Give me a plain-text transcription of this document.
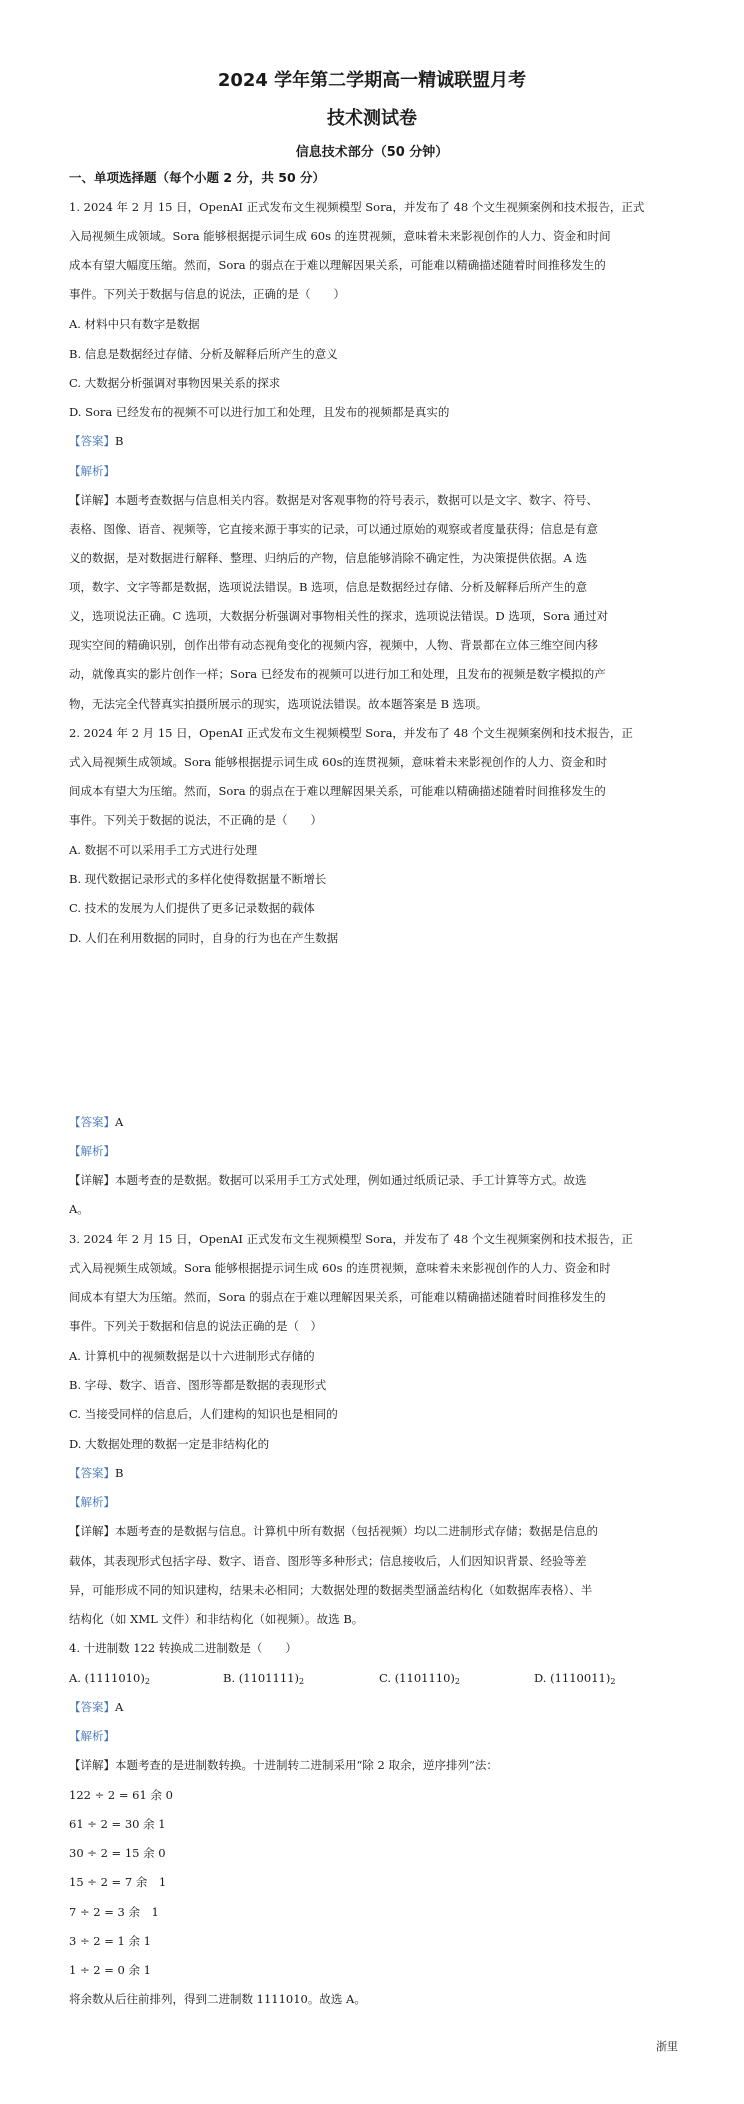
2024 学年第二学期高一精诚联盟月考
技术测试卷
信息技术部分（50 分钟）
一、单项选择题（每个小题 2 分，共 50 分）
1. 2024 年 2 月 15 日，OpenAI 正式发布文生视频模型 Sora，并发布了 48 个文生视频案例和技术报告，正式
入局视频生成领域。Sora 能够根据提示词生成 60s 的连贯视频，意味着未来影视创作的人力、资金和时间
成本有望大幅度压缩。然而，Sora 的弱点在于难以理解因果关系，可能难以精确描述随着时间推移发生的
事件。下列关于数据与信息的说法，正确的是（　　）
A. 材料中只有数字是数据
B. 信息是数据经过存储、分析及解释后所产生的意义
C. 大数据分析强调对事物因果关系的探求
D. Sora 已经发布的视频不可以进行加工和处理，且发布的视频都是真实的
【答案】B
【解析】
【详解】本题考查数据与信息相关内容。数据是对客观事物的符号表示，数据可以是文字、数字、符号、
表格、图像、语音、视频等，它直接来源于事实的记录，可以通过原始的观察或者度量获得；信息是有意
义的数据，是对数据进行解释、整理、归纳后的产物，信息能够消除不确定性，为决策提供依据。A 选
项，数字、文字等都是数据，选项说法错误。B 选项，信息是数据经过存储、分析及解释后所产生的意
义，选项说法正确。C 选项，大数据分析强调对事物相关性的探求，选项说法错误。D 选项，Sora 通过对
现实空间的精确识别，创作出带有动态视角变化的视频内容，视频中，人物、背景都在立体三维空间内移
动，就像真实的影片创作一样；Sora 已经发布的视频可以进行加工和处理，且发布的视频是数字模拟的产
物，无法完全代替真实拍摄所展示的现实，选项说法错误。故本题答案是 B 选项。
2. 2024 年 2 月 15 日，OpenAI 正式发布文生视频模型 Sora，并发布了 48 个文生视频案例和技术报告，正
式入局视频生成领域。Sora 能够根据提示词生成 60s的连贯视频，意味着未来影视创作的人力、资金和时
间成本有望大为压缩。然而，Sora 的弱点在于难以理解因果关系，可能难以精确描述随着时间推移发生的
事件。下列关于数据的说法，不正确的是（　　）
A. 数据不可以采用手工方式进行处理
B. 现代数据记录形式的多样化使得数据量不断增长
C. 技术的发展为人们提供了更多记录数据的载体
D. 人们在利用数据的同时，自身的行为也在产生数据
【答案】A
【解析】
【详解】本题考查的是数据。数据可以采用手工方式处理，例如通过纸质记录、手工计算等方式。故选
A。
3. 2024 年 2 月 15 日，OpenAI 正式发布文生视频模型 Sora，并发布了 48 个文生视频案例和技术报告，正
式入局视频生成领域。Sora 能够根据提示词生成 60s 的连贯视频，意味着未来影视创作的人力、资金和时
间成本有望大为压缩。然而，Sora 的弱点在于难以理解因果关系，可能难以精确描述随着时间推移发生的
事件。下列关于数据和信息的说法正确的是（　）
A. 计算机中的视频数据是以十六进制形式存储的
B. 字母、数字、语音、图形等都是数据的表现形式
C. 当接受同样的信息后，人们建构的知识也是相同的
D. 大数据处理的数据一定是非结构化的
【答案】B
【解析】
【详解】本题考查的是数据与信息。计算机中所有数据（包括视频）均以二进制形式存储；数据是信息的
载体，其表现形式包括字母、数字、语音、图形等多种形式；信息接收后，人们因知识背景、经验等差
异，可能形成不同的知识建构，结果未必相同；大数据处理的数据类型涵盖结构化（如数据库表格）、半
结构化（如 XML 文件）和非结构化（如视频）。故选 B。
4. 十进制数 122 转换成二进制数是（　　）
A. $(1111010)_2$	B. $(1101111)_2$	C. $(1101110)_2$	D. $(1110011)_2$
【答案】A
【解析】
【详解】本题考查的是进制数转换。十进制转二进制采用“除 2 取余，逆序排列”法：
122 ÷ 2 = 61 余 0
61 ÷ 2 = 30 余 1
30 ÷ 2 = 15 余 0
15 ÷ 2 = 7 余　1
7 ÷ 2 = 3 余　1
3 ÷ 2 = 1 余 1
1 ÷ 2 = 0 余 1
将余数从后往前排列，得到二进制数 1111010。故选 A。
浙里
